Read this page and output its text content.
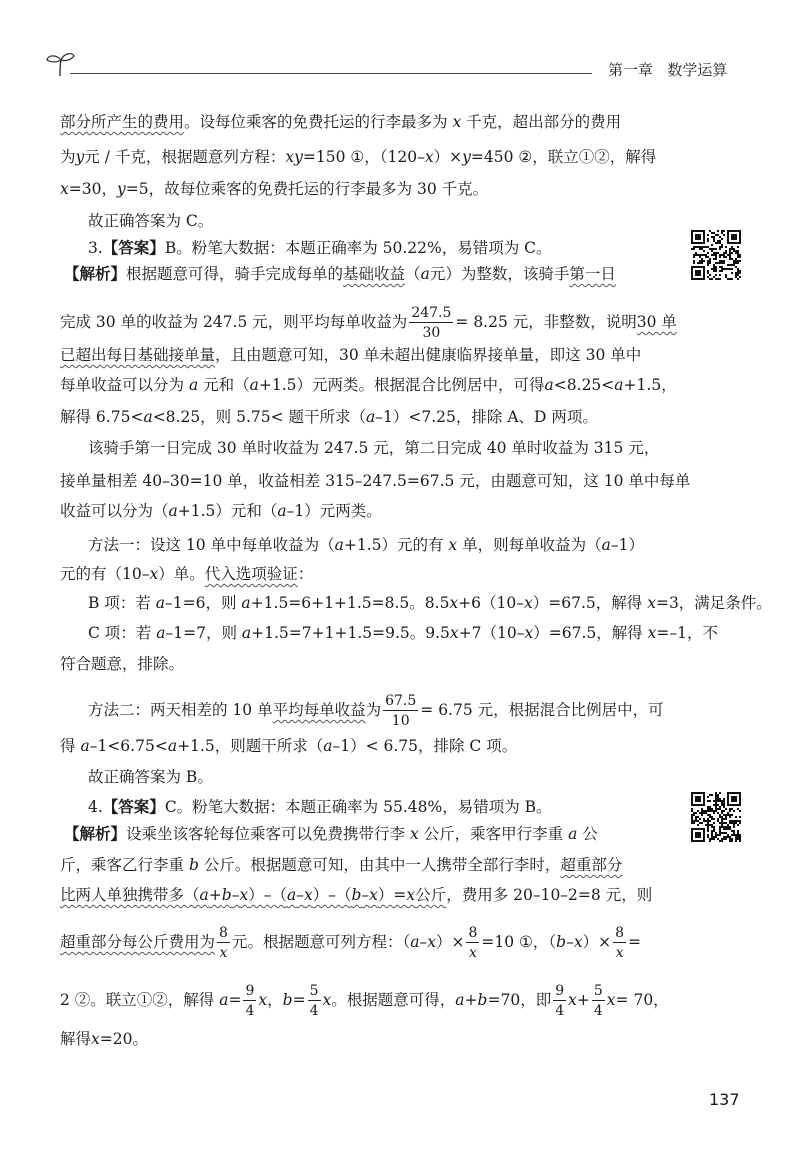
第一章 数学运算
部分所产生的费用。设每位乘客的免费托运的行李最多为 x 千克，超出部分的费用
为y元 / 千克，根据题意列方程：xy=150 ①，（120–x）×y=450 ②，联立①②，解得
x=30，y=5，故每位乘客的免费托运的行李最多为 30 千克。
故正确答案为 C。
3.【答案】B。粉笔大数据：本题正确率为 50.22%，易错项为 C。
【解析】根据题意可得，骑手完成每单的基础收益（a元）为整数，该骑手第一日
完成 30 单的收益为 247.5 元，则平均每单收益为 $\frac{247.5}{30} = 8.25$ 元，非整数，说明30 单
已超出每日基础接单量，且由题意可知，30 单未超出健康临界接单量，即这 30 单中
每单收益可以分为 a 元和（a+1.5）元两类。根据混合比例居中，可得a<8.25<a+1.5，
解得 6.75<a<8.25，则 5.75< 题干所求（a–1）<7.25，排除 A、D 两项。
该骑手第一日完成 30 单时收益为 247.5 元，第二日完成 40 单时收益为 315 元，
接单量相差 40–30=10 单，收益相差 315–247.5=67.5 元，由题意可知，这 10 单中每单
收益可以分为（a+1.5）元和（a–1）元两类。
方法一：设这 10 单中每单收益为（a+1.5）元的有 x 单，则每单收益为（a–1）
元的有（10–x）单。代入选项验证：
B 项：若 a–1=6，则 a+1.5=6+1+1.5=8.5。8.5x+6（10–x）=67.5，解得 x=3，满足条件。
C 项：若 a–1=7，则 a+1.5=7+1+1.5=9.5。9.5x+7（10–x）=67.5，解得 x=–1，不
符合题意，排除。
方法二：两天相差的 10 单平均每单收益为 $\frac{67.5}{10} = 6.75$ 元，根据混合比例居中，可
得 a–1<6.75<a+1.5，则题干所求（a–1）< 6.75，排除 C 项。
故正确答案为 B。
4.【答案】C。粉笔大数据：本题正确率为 55.48%，易错项为 B。
【解析】设乘坐该客轮每位乘客可以免费携带行李 x 公斤，乘客甲行李重 a 公
斤，乘客乙行李重 b 公斤。根据题意可知，由其中一人携带全部行李时，超重部分
比两人单独携带多（a+b–x）–（a–x）–（b–x）=x公斤，费用多 20–10–2=8 元，则
超重部分每公斤费用为 $\frac{8}{x}$ 元。根据题意可列方程：$(a-x)\times \frac{8}{x} =10$ ①，$(b-x)\times \frac{8}{x}$ =
2 ②。联立①②，解得 $a= \frac{9}{4}$ x，$b= \frac{5}{4}$ x。根据题意可得，a+b=70，即 $\frac{9}{4} x+ \frac{5}{4} x= 70$，
解得x=20。
137
